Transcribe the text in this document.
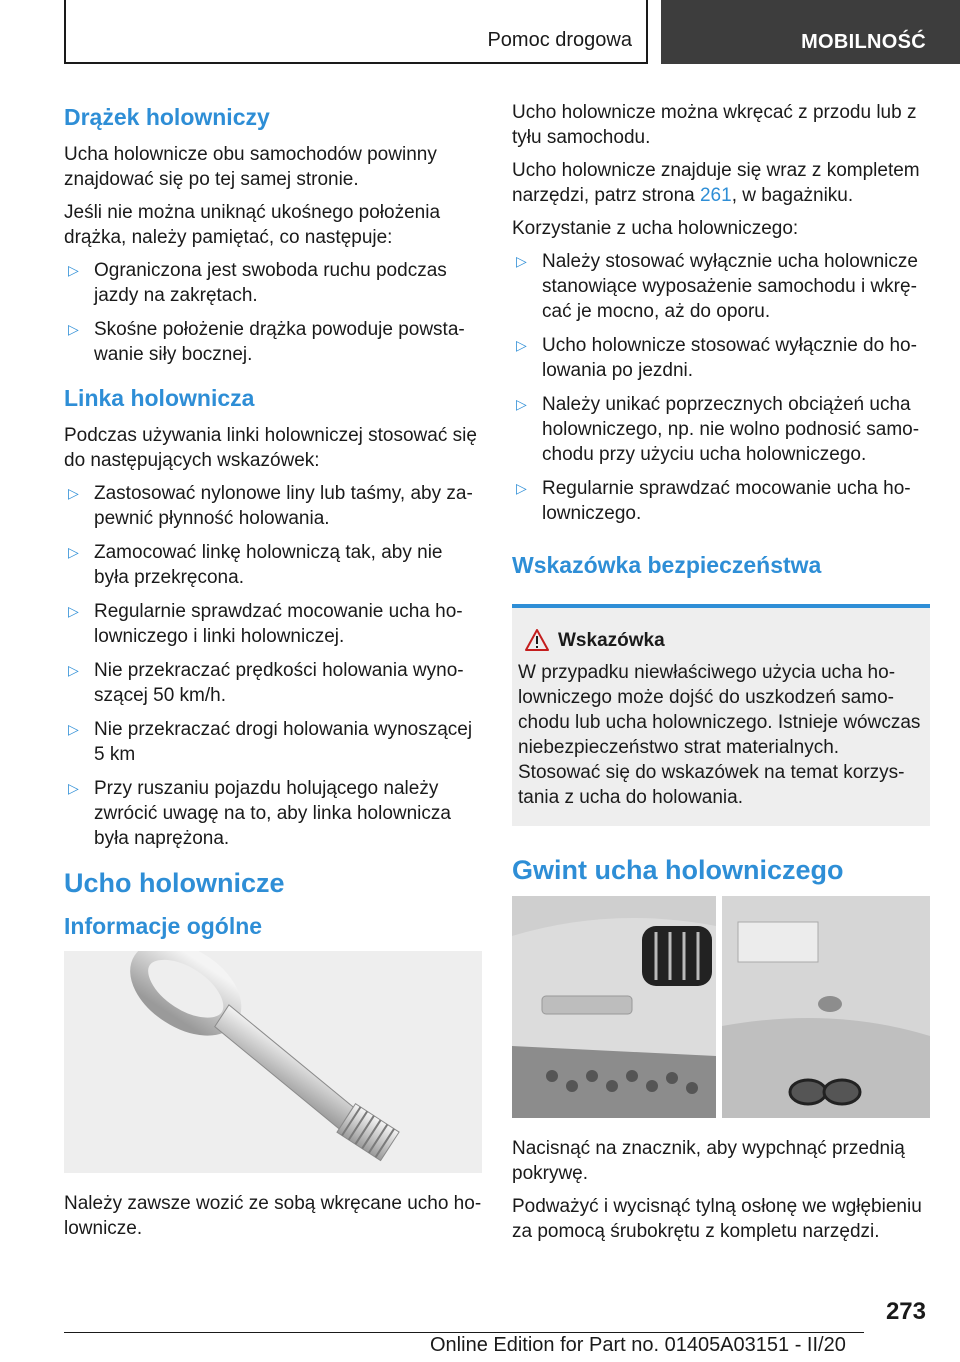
Pomoc drogowa	MOBILNOŚĆ
Drążek holowniczy

Ucha holownicze obu samochodów powinny znajdować się po tej samej stronie.

Jeśli nie można uniknąć ukośnego położenia drążka, należy pamiętać, co następuje:

▷ Ograniczona jest swoboda ruchu podczas jazdy na zakrętach.
▷ Skośne położenie drążka powoduje powstawanie siły bocznej.
Linka holownicza

Podczas używania linki holowniczej stosować się do następujących wskazówek:

▷ Zastosować nylonowe liny lub taśmy, aby zapewnić płynność holowania.
▷ Zamocować linkę holowniczą tak, aby nie była przekręcona.
▷ Regularnie sprawdzać mocowanie ucha holowniczego i linki holowniczej.
▷ Nie przekraczać prędkości holowania wynoszącej 50 km/h.
▷ Nie przekraczać drogi holowania wynoszącej 5 km
▷ Przy ruszaniu pojazdu holującego należy zwrócić uwagę na to, aby linka holownicza była naprężona.
Ucho holownicze
Informacje ogólne

Należy zawsze wozić ze sobą wkręcane ucho holownicze.

Ucho holownicze można wkręcać z przodu lub z tyłu samochodu.

Ucho holownicze znajduje się wraz z kompletem narzędzi, patrz strona 261, w bagażniku.

Korzystanie z ucha holowniczego:

▷ Należy stosować wyłącznie ucha holownicze stanowiące wyposażenie samochodu i wkręcać je mocno, aż do oporu.
▷ Ucho holownicze stosować wyłącznie do holowania po jezdni.
▷ Należy unikać poprzecznych obciążeń ucha holowniczego, np. nie wolno podnosić samochodu przy użyciu ucha holowniczego.
▷ Regularnie sprawdzać mocowanie ucha holowniczego.
Wskazówka bezpieczeństwa
Wskazówka

W przypadku niewłaściwego użycia ucha holowniczego może dojść do uszkodzeń samochodu lub ucha holowniczego. Istnieje wówczas niebezpieczeństwo strat materialnych. Stosować się do wskazówek na temat korzystania z ucha do holowania.

Gwint ucha holowniczego

Nacisnąć na znacznik, aby wypchnąć przednią pokrywę.

Podważyć i wycisnąć tylną osłonę we wgłębieniu za pomocą śrubokrętu z kompletu narzędzi.

273
Online Edition for Part no. 01405A03151 - II/20
